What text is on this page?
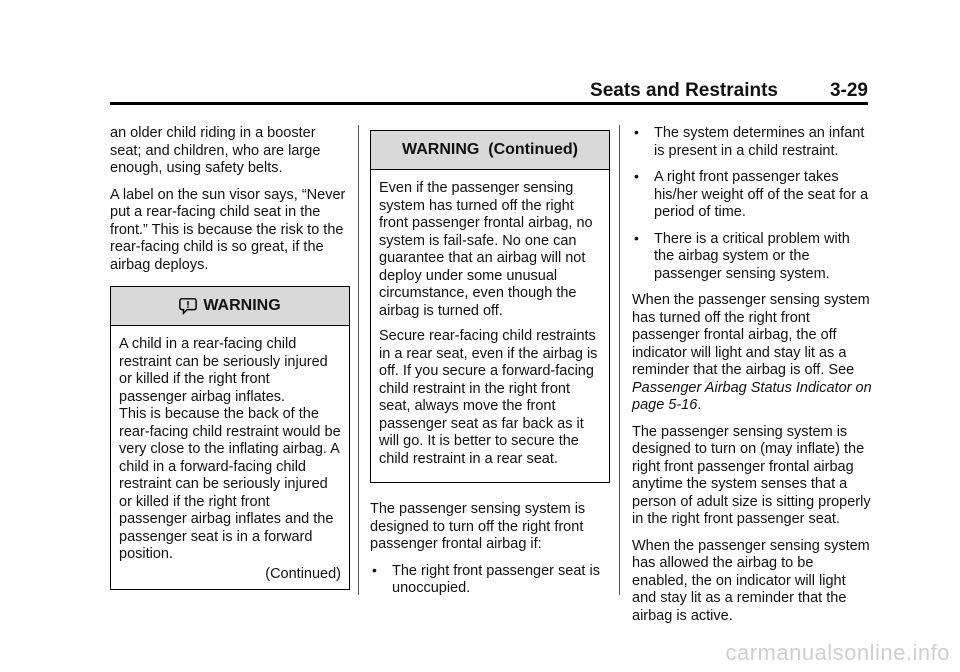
Seats and Restraints	3-29

an older child riding in a booster seat; and children, who are large enough, using safety belts.

A label on the sun visor says, “Never put a rear-facing child seat in the front.” This is because the risk to the rear-facing child is so great, if the airbag deploys.

WARNING

A child in a rear-facing child restraint can be seriously injured or killed if the right front passenger airbag inflates.

This is because the back of the rear-facing child restraint would be very close to the inflating airbag. A child in a forward-facing child restraint can be seriously injured or killed if the right front passenger airbag inflates and the passenger seat is in a forward position.

(Continued)
WARNING  (Continued)

Even if the passenger sensing system has turned off the right front passenger frontal airbag, no system is fail-safe. No one can guarantee that an airbag will not deploy under some unusual circumstance, even though the airbag is turned off.

Secure rear-facing child restraints in a rear seat, even if the airbag is off. If you secure a forward-facing child restraint in the right front seat, always move the front passenger seat as far back as it will go. It is better to secure the child restraint in a rear seat.

The passenger sensing system is designed to turn off the right front passenger frontal airbag if:

• The right front passenger seat is unoccupied.
• The system determines an infant is present in a child restraint.
• A right front passenger takes his/her weight off of the seat for a period of time.
• There is a critical problem with the airbag system or the passenger sensing system.

When the passenger sensing system has turned off the right front passenger frontal airbag, the off indicator will light and stay lit as a reminder that the airbag is off. See Passenger Airbag Status Indicator on page 5-16.

The passenger sensing system is designed to turn on (may inflate) the right front passenger frontal airbag anytime the system senses that a person of adult size is sitting properly in the right front passenger seat.

When the passenger sensing system has allowed the airbag to be enabled, the on indicator will light and stay lit as a reminder that the airbag is active.

carmanualsonline.info
